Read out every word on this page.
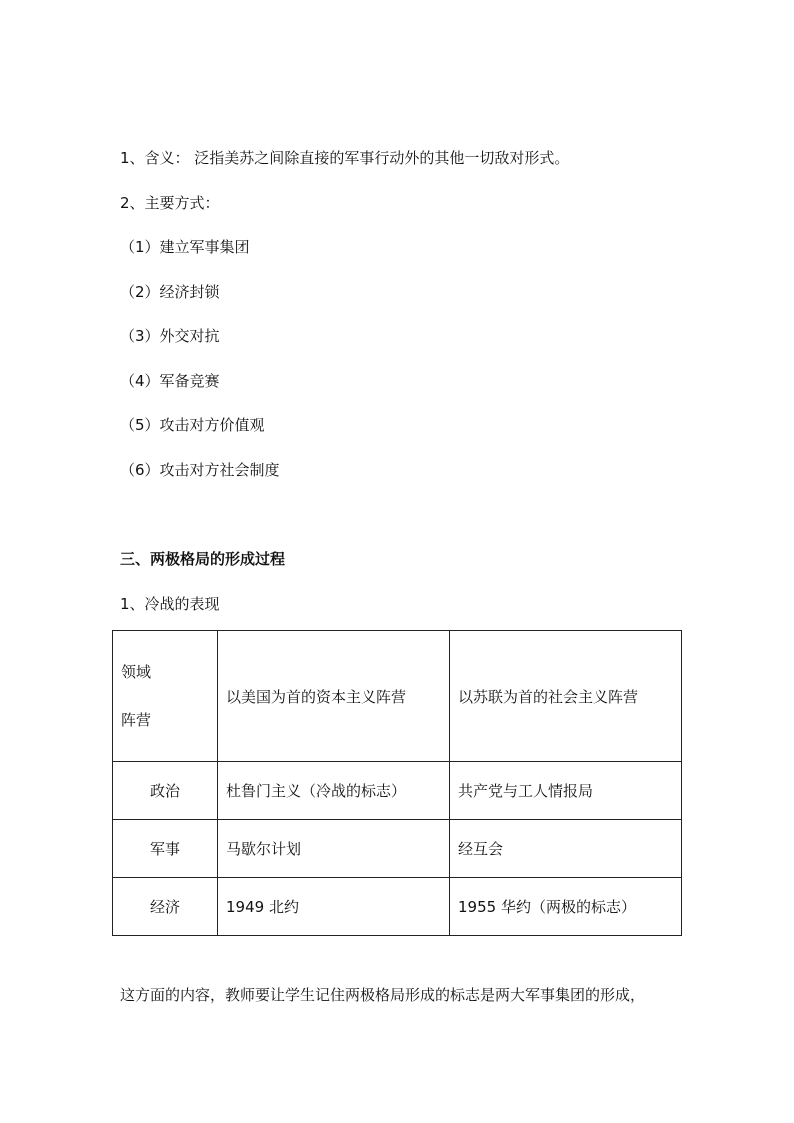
1、含义： 泛指美苏之间除直接的军事行动外的其他一切敌对形式。
2、主要方式：
（1）建立军事集团
（2）经济封锁
（3）外交对抗
（4）军备竞赛
（5）攻击对方价值观
（6）攻击对方社会制度
三、两极格局的形成过程
1、冷战的表现
领域
阵营	以美国为首的资本主义阵营	以苏联为首的社会主义阵营
政治	杜鲁门主义（冷战的标志）	共产党与工人情报局
军事	马歇尔计划	经互会
经济	1949 北约	1955 华约（两极的标志）
这方面的内容，教师要让学生记住两极格局形成的标志是两大军事集团的形成，
